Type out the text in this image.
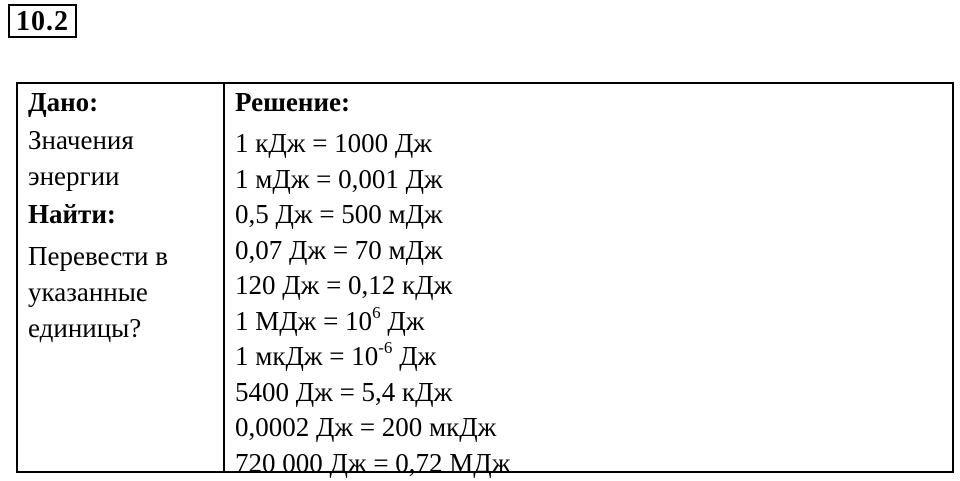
10.2

Дано:

Значения
энергии

Найти:

Перевести в
указанные
единицы?

Решение:

1 кДж = 1000 Дж
1 мДж = 0,001 Дж
0,5 Дж = 500 мДж
0,07 Дж = 70 мДж
120 Дж = 0,12 кДж
1 МДж = $10^6$ Дж
1 мкДж = $10^{-6}$ Дж
5400 Дж = 5,4 кДж
0,0002 Дж = 200 мкДж
720 000 Дж = 0,72 МДж
